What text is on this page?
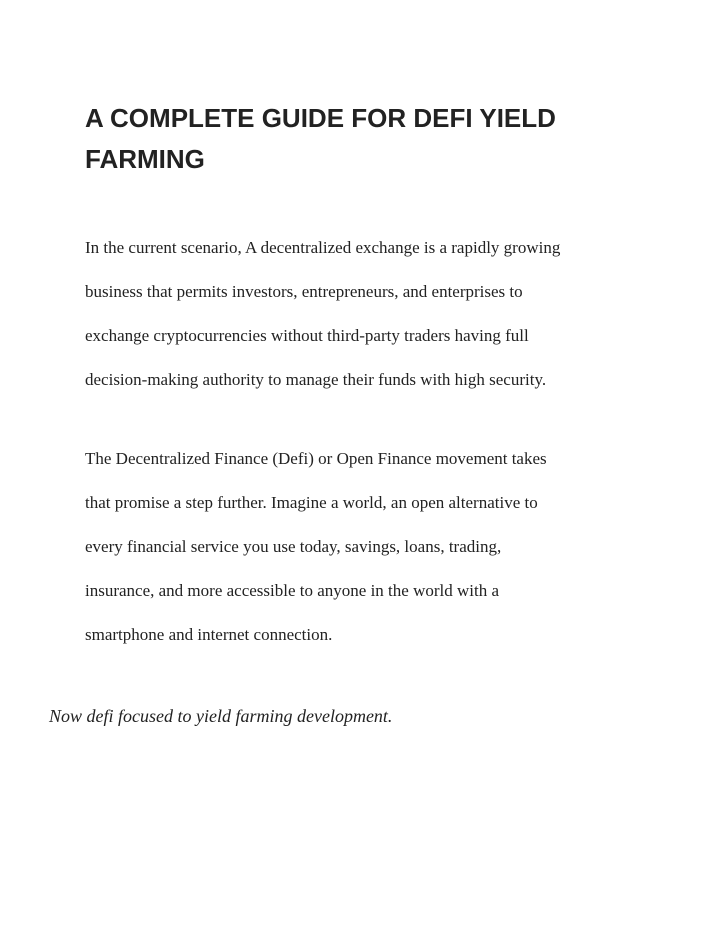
A COMPLETE GUIDE FOR DEFI YIELD
FARMING

In the current scenario, A decentralized exchange is a rapidly growing
business that permits investors, entrepreneurs, and enterprises to
exchange cryptocurrencies without third-party traders having full
decision-making authority to manage their funds with high security.

The Decentralized Finance (Defi) or Open Finance movement takes
that promise a step further. Imagine a world, an open alternative to
every financial service you use today, savings, loans, trading,
insurance, and more accessible to anyone in the world with a
smartphone and internet connection.

Now defi focused to yield farming development.
